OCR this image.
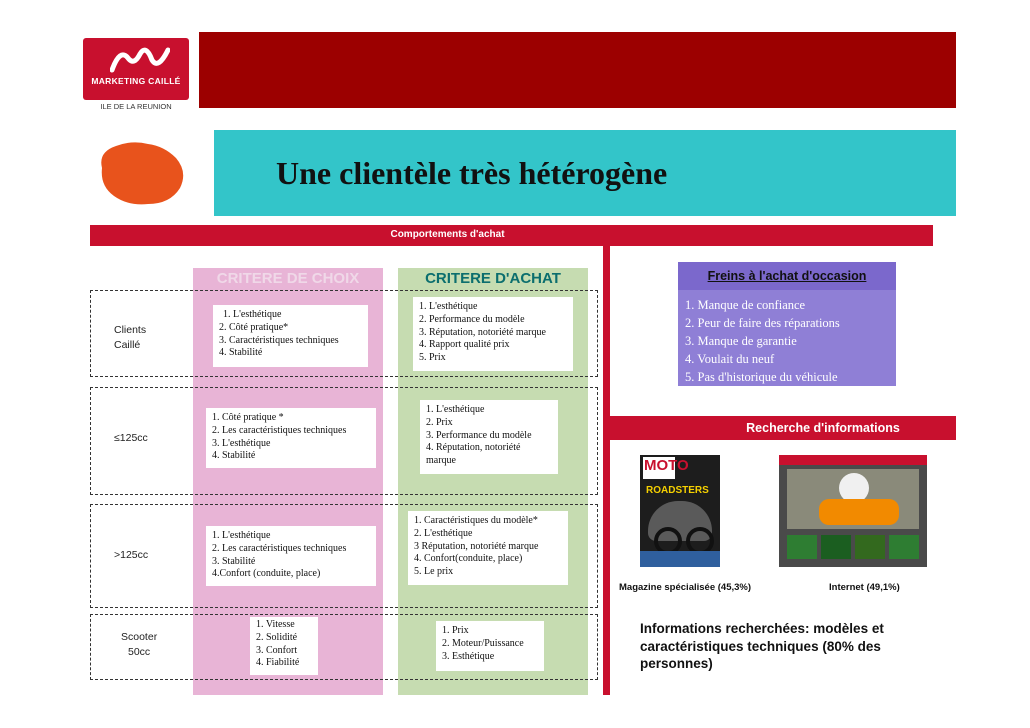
MARKETING CAILLÉ
ILE DE LA REUNION
Une clientèle très hétérogène
Comportements d'achat
CRITERE DE CHOIX	CRITERE D'ACHAT
Clients
Caillé
≤125cc
>125cc
Scooter
50cc
1. L'esthétique
2. Côté pratique*
3. Caractéristiques techniques
4. Stabilité
1. Côté pratique *
2. Les caractéristiques techniques
3. L'esthétique
4. Stabilité
1. L'esthétique
2. Les caractéristiques techniques
3. Stabilité
4.Confort (conduite, place)
1. Vitesse
2. Solidité
3. Confort
4. Fiabilité
1. L'esthétique
2. Performance du modèle
3. Réputation, notoriété marque
4. Rapport qualité prix
5. Prix
1. L'esthétique
2. Prix
3. Performance du modèle
4. Réputation, notoriété
marque
1. Caractéristiques du modèle*
2. L'esthétique
3 Réputation, notoriété marque
4. Confort(conduite, place)
5. Le prix
1. Prix
2. Moteur/Puissance
3. Esthétique
Freins à l'achat d'occasion
1. Manque de confiance
2. Peur de faire des réparations
3. Manque de garantie
4. Voulait du neuf
5. Pas d'historique du véhicule
Recherche d'informations
MOTO
ROADSTERS
Magazine spécialisée (45,3%)	Internet (49,1%)
Informations recherchées: modèles et caractéristiques techniques (80% des personnes)
